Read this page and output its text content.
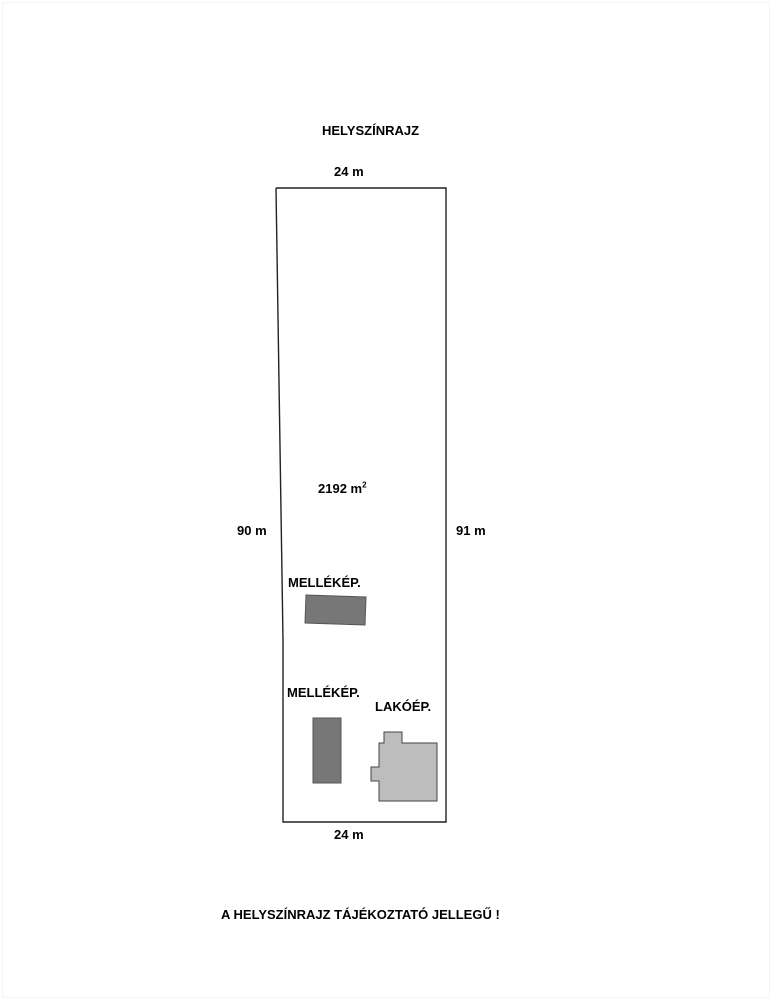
HELYSZÍNRAJZ
24 m
2192 $m^2$
90 m	91 m
MELLÉKÉP.
MELLÉKÉP.
LAKÓÉP.
24 m
A HELYSZÍNRAJZ TÁJÉKOZTATÓ JELLEGŰ !
